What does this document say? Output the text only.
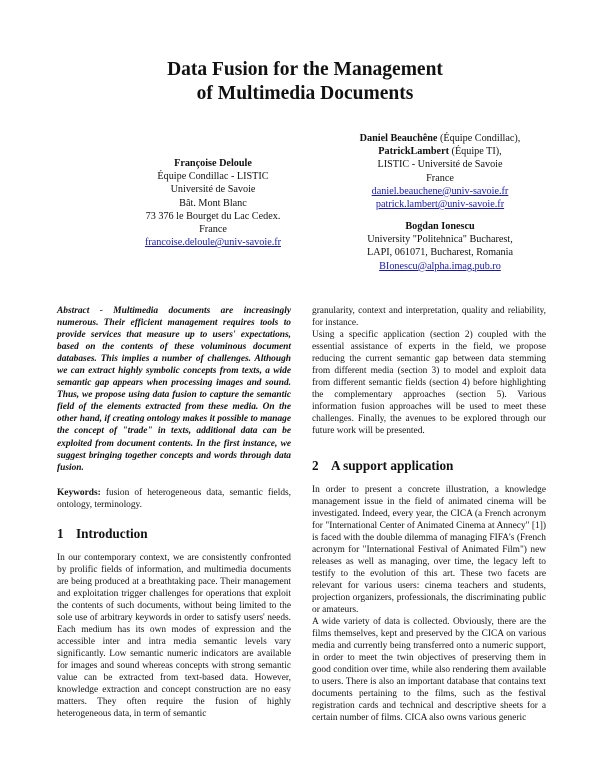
Data Fusion for the Management
of Multimedia Documents
Françoise Deloule
Équipe Condillac - LISTIC
Université de Savoie
Bât. Mont Blanc
73 376 le Bourget du Lac Cedex.
France
francoise.deloule@univ-savoie.fr
Daniel Beauchêne (Équipe Condillac),
PatrickLambert (Équipe TI),
LISTIC - Université de Savoie
France
daniel.beauchene@univ-savoie.fr
patrick.lambert@univ-savoie.fr
Bogdan Ionescu
University "Politehnica" Bucharest,
LAPI, 061071, Bucharest, Romania
BIonescu@alpha.imag.pub.ro

Abstract - Multimedia documents are increasingly numerous. Their efficient management requires tools to provide services that measure up to users' expectations, based on the contents of these voluminous document databases. This implies a number of challenges. Although we can extract highly symbolic concepts from texts, a wide semantic gap appears when processing images and sound. Thus, we propose using data fusion to capture the semantic field of the elements extracted from these media. On the other hand, if creating ontology makes it possible to manage the concept of "trade" in texts, additional data can be exploited from document contents. In the first instance, we suggest bringing together concepts and words through data fusion.

Keywords: fusion of heterogeneous data, semantic fields, ontology, terminology.

1 Introduction

In our contemporary context, we are consistently confronted by prolific fields of information, and multimedia documents are being produced at a breathtaking pace. Their management and exploitation trigger challenges for operations that exploit the contents of such documents, without being limited to the sole use of arbitrary keywords in order to satisfy users' needs. Each medium has its own modes of expression and the accessible inter and intra media semantic levels vary significantly. Low semantic numeric indicators are available for images and sound whereas concepts with strong semantic value can be extracted from text-based data. However, knowledge extraction and concept construction are no easy matters. They often require the fusion of highly heterogeneous data, in term of semantic

granularity, context and interpretation, quality and reliability, for instance.

Using a specific application (section 2) coupled with the essential assistance of experts in the field, we propose reducing the current semantic gap between data stemming from different media (section 3) to model and exploit data from different semantic fields (section 4) before highlighting the complementary approaches (section 5). Various information fusion approaches will be used to meet these challenges. Finally, the avenues to be explored through our future work will be presented.

2 A support application

In order to present a concrete illustration, a knowledge management issue in the field of animated cinema will be investigated. Indeed, every year, the CICA (a French acronym for "International Center of Animated Cinema at Annecy" [1]) is faced with the double dilemma of managing FIFA's (French acronym for "International Festival of Animated Film") new releases as well as managing, over time, the legacy left to testify to the evolution of this art. These two facets are relevant for various users: cinema teachers and students, projection organizers, professionals, the discriminating public or amateurs.

A wide variety of data is collected. Obviously, there are the films themselves, kept and preserved by the CICA on various media and currently being transferred onto a numeric support, in order to meet the twin objectives of preserving them in good condition over time, while also rendering them available to users. There is also an important database that contains text documents pertaining to the films, such as the festival registration cards and technical and descriptive sheets for a certain number of films. CICA also owns various generic
